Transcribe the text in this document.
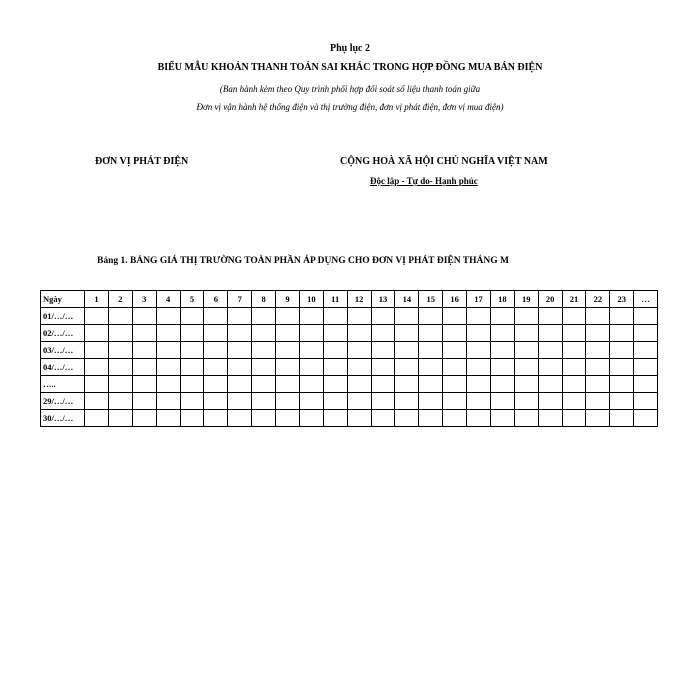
Phụ lục 2
BIỂU MẪU KHOẢN THANH TOÁN SAI KHÁC TRONG HỢP ĐỒNG MUA BÁN ĐIỆN
(Ban hành kèm theo Quy trình phối hợp đối soát số liệu thanh toán giữa
Đơn vị vận hành hệ thống điện và thị trường điện, đơn vị phát điện, đơn vị mua điện)
ĐƠN VỊ PHÁT ĐIỆN	CỘNG HOÀ XÃ HỘI CHỦ NGHĨA VIỆT NAM
Độc lập - Tự do- Hạnh phúc
Bảng 1. BẢNG GIÁ THỊ TRƯỜNG TOÀN PHẦN ÁP DỤNG CHO ĐƠN VỊ PHÁT ĐIỆN THÁNG M
Ngày	1	2	3	4	5	6	7	8	9	10	11	12	13	14	15	16	17	18	19	20	21	22	23	…
01/…/…																								
02/…/…																								
03/…/…																								
04/…/…																								
…..																								
29/…/…																								
30/…/…																								
